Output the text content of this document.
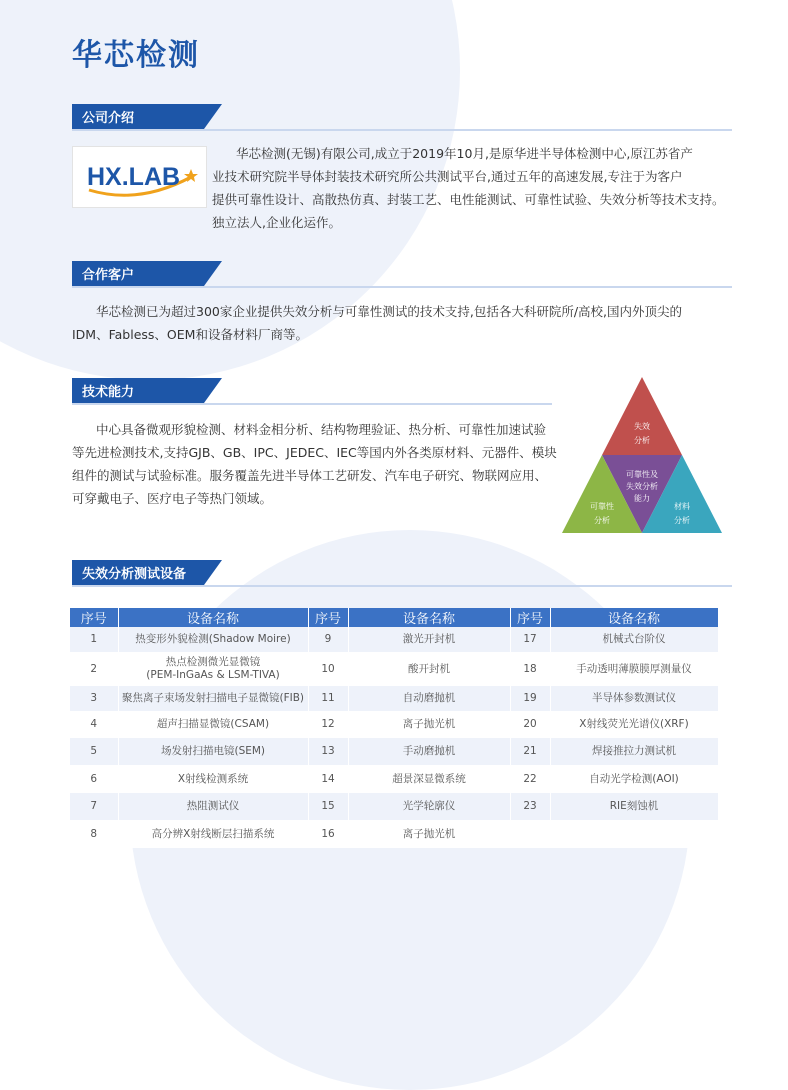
华芯检测
公司介绍
HX.LAB
华芯检测(无锡)有限公司,成立于2019年10月,是原华进半导体检测中心,原江苏省产
业技术研究院半导体封装技术研究所公共测试平台,通过五年的高速发展,专注于为客户
提供可靠性设计、高散热仿真、封装工艺、电性能测试、可靠性试验、失效分析等技术支持。
独立法人,企业化运作。
合作客户
华芯检测已为超过300家企业提供失效分析与可靠性测试的技术支持,包括各大科研院所/高校,国内外顶尖的
IDM、Fabless、OEM和设备材料厂商等。
技术能力
中心具备微观形貌检测、材料金相分析、结构物理验证、热分析、可靠性加速试验
等先进检测技术,支持GJB、GB、IPC、JEDEC、IEC等国内外各类原材料、元器件、模块
组件的测试与试验标准。服务覆盖先进半导体工艺研发、汽车电子研究、物联网应用、
可穿戴电子、医疗电子等热门领域。
失效
分析
可靠性及
失效分析
能力
可靠性
分析
材料
分析
失效分析测试设备
序号	设备名称	序号	设备名称	序号	设备名称
1	热变形外貌检测(Shadow Moire)	9	激光开封机	17	机械式台阶仪
2	热点检测微光显微镜
(PEM-InGaAs & LSM-TIVA)	10	酸开封机	18	手动透明薄膜膜厚测量仪
3	聚焦离子束场发射扫描电子显微镜(FIB)	11	自动磨抛机	19	半导体参数测试仪
4	超声扫描显微镜(CSAM)	12	离子抛光机	20	X射线荧光光谱仪(XRF)
5	场发射扫描电镜(SEM)	13	手动磨抛机	21	焊接推拉力测试机
6	X射线检测系统	14	超景深显微系统	22	自动光学检测(AOI)
7	热阻测试仪	15	光学轮廓仪	23	RIE刻蚀机
8	高分辨X射线断层扫描系统	16	离子抛光机		
